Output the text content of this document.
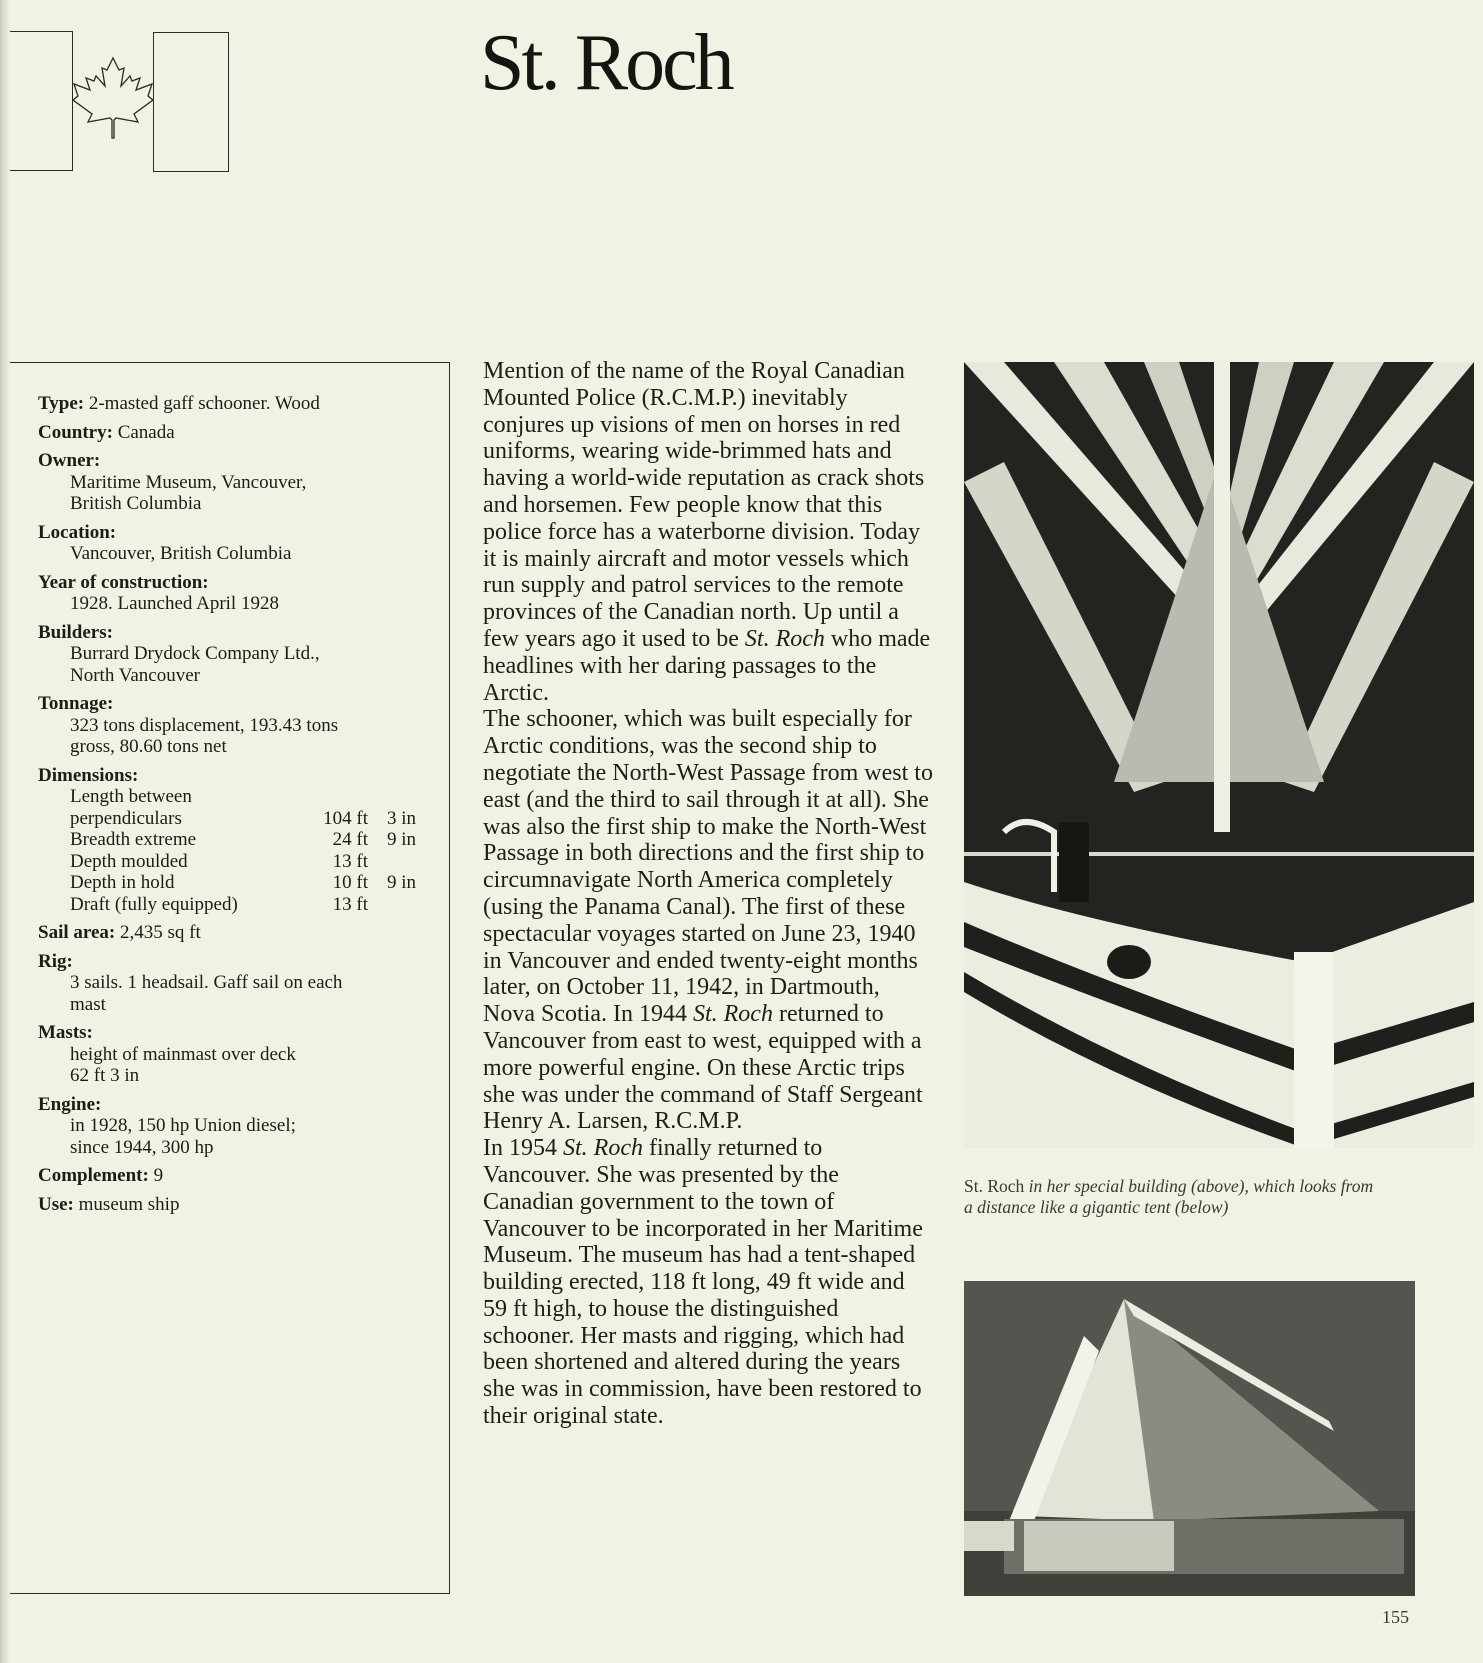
St. Roch
Type: 2-masted gaff schooner. Wood
Country: Canada
Owner:
Maritime Museum, Vancouver,
British Columbia
Location:
Vancouver, British Columbia
Year of construction:
1928. Launched April 1928
Builders:
Burrard Drydock Company Ltd.,
North Vancouver
Tonnage:
323 tons displacement, 193.43 tons
gross, 80.60 tons net
Dimensions:
Length between
perpendiculars	104 ft 3 in
Breadth extreme	24 ft 9 in
Depth moulded	13 ft
Depth in hold	10 ft 9 in
Draft (fully equipped)	13 ft
Sail area: 2,435 sq ft
Rig:
3 sails. 1 headsail. Gaff sail on each
mast
Masts:
height of mainmast over deck
62 ft 3 in
Engine:
in 1928, 150 hp Union diesel;
since 1944, 300 hp
Complement: 9
Use: museum ship

Mention of the name of the Royal Canadian Mounted Police (R.C.M.P.) inevitably conjures up visions of men on horses in red uniforms, wearing wide-brimmed hats and having a world-wide reputation as crack shots and horsemen. Few people know that this police force has a waterborne division. Today it is mainly aircraft and motor vessels which run supply and patrol services to the remote provinces of the Canadian north. Up until a few years ago it used to be St. Roch who made headlines with her daring passages to the Arctic.

The schooner, which was built especially for Arctic conditions, was the second ship to negotiate the North-West Passage from west to east (and the third to sail through it at all). She was also the first ship to make the North-West Passage in both directions and the first ship to circumnavigate North America completely (using the Panama Canal). The first of these spectacular voyages started on June 23, 1940 in Vancouver and ended twenty-eight months later, on October 11, 1942, in Dartmouth, Nova Scotia. In 1944 St. Roch returned to Vancouver from east to west, equipped with a more powerful engine. On these Arctic trips she was under the command of Staff Sergeant Henry A. Larsen, R.C.M.P.

In 1954 St. Roch finally returned to Vancouver. She was presented by the Canadian government to the town of Vancouver to be incorporated in her Maritime Museum. The museum has had a tent-shaped building erected, 118 ft long, 49 ft wide and 59 ft high, to house the distinguished schooner. Her masts and rigging, which had been shortened and altered during the years she was in commission, have been restored to their original state.

St. Roch in her special building (above), which looks from a distance like a gigantic tent (below)
155
